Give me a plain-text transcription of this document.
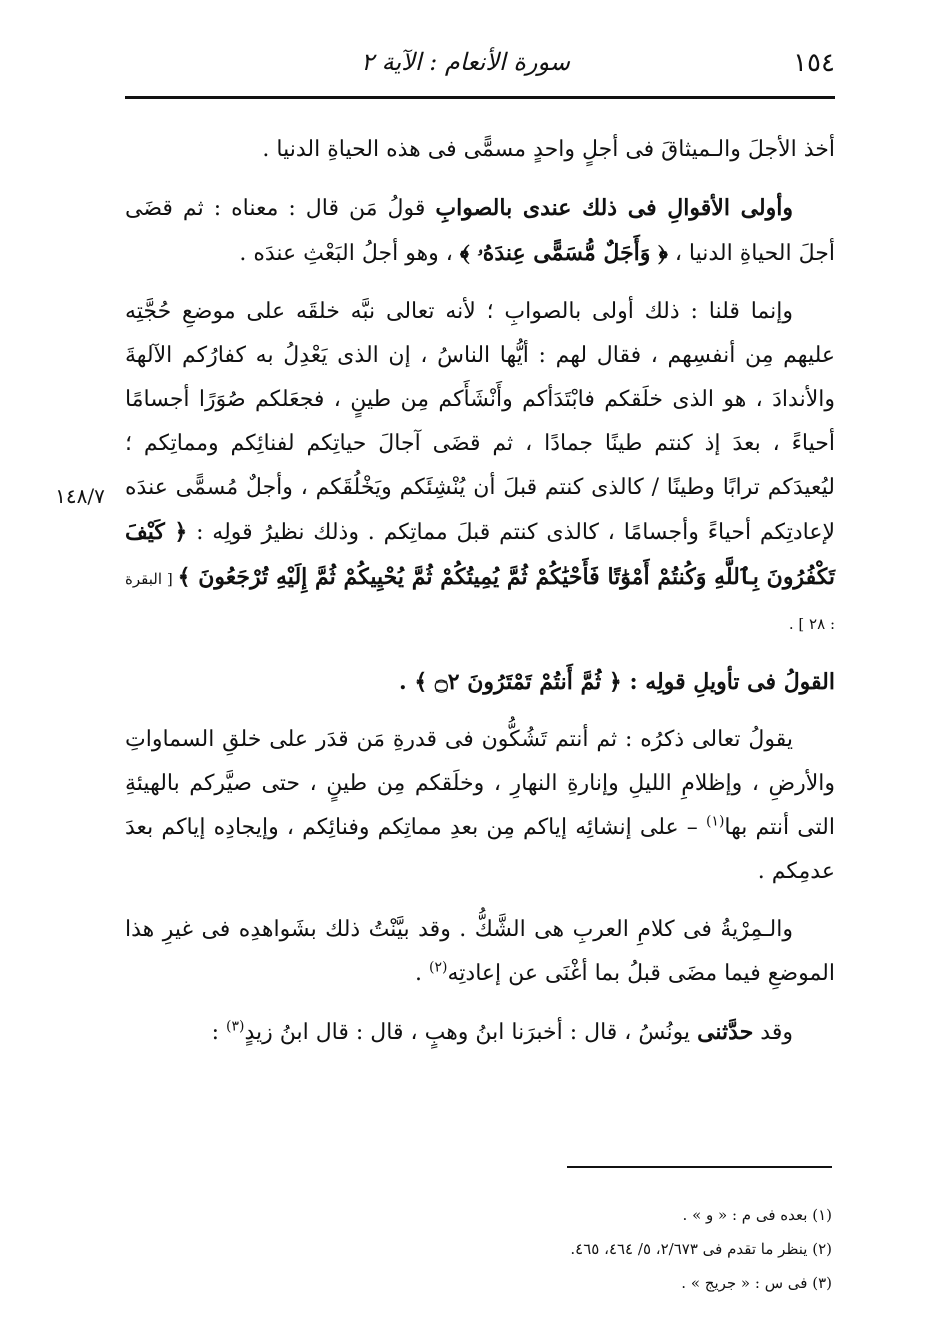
١٥٤
سورة الأنعام : الآية ٢
١٤٨/٧

أخذ الأجلَ والـميثاقَ فى أجلٍ واحدٍ مسمًّى فى هذه الحياةِ الدنيا .

وأولى الأقوالِ فى ذلك عندى بالصوابِ قولُ مَن قال : معناه : ثم قضَى أجلَ الحياةِ الدنيا ، ﴿ وَأَجَلٌ مُّسَمًّى عِندَهُۥ ﴾ ، وهو أجلُ البَعْثِ عندَه .

وإنما قلنا : ذلك أولى بالصوابِ ؛ لأنه تعالى نبَّه خلقَه على موضعِ حُجَّتِه عليهم مِن أنفسِهم ، فقال لهم : أيُّها الناسُ ، إن الذى يَعْدِلُ به كفارُكم الآلهةَ والأندادَ ، هو الذى خلَقكم فابْتَدَأكم وأَنْشَأَكم مِن طينٍ ، فجعَلكم صُوَرًا أجسامًا أحياءً ، بعدَ إذ كنتم طينًا جمادًا ، ثم قضَى آجالَ حياتِكم لفنائِكم ومماتِكم ؛ ليُعيدَكم ترابًا وطينًا / كالذى كنتم قبلَ أن يُنْشِئَكم ويَخْلُقَكم ، وأجلٌ مُسمًّى عندَه لإعادتِكم أحياءً وأجسامًا ، كالذى كنتم قبلَ مماتِكم . وذلك نظيرُ قولِه : ﴿ كَيْفَ تَكْفُرُونَ بِٱللَّهِ وَكُنتُمْ أَمْوَٰتًا فَأَحْيَٰكُمْ ثُمَّ يُمِيتُكُمْ ثُمَّ يُحْيِيكُمْ ثُمَّ إِلَيْهِ تُرْجَعُونَ ﴾ [ البقرة : ٢٨ ] .

القولُ فى تأويلِ قولِه : ﴿ ثُمَّ أَنتُمْ تَمْتَرُونَ ۝٢ ﴾ .

يقولُ تعالى ذكرُه : ثم أنتم تَشُكُّون فى قدرةِ مَن قدَر على خلقِ السماواتِ والأرضِ ، وإظلامِ الليلِ وإنارةِ النهارِ ، وخلَقكم مِن طينٍ ، حتى صيَّركم بالهيئةِ التى أنتم بها$^{(١)}$ – على إنشائِه إياكم مِن بعدِ مماتِكم وفنائِكم ، وإيجادِه إياكم بعدَ عدمِكم .

والـمِرْيةُ فى كلامِ العربِ هى الشَّكُّ . وقد بيَّنْتُ ذلك بشَواهدِه فى غيرِ هذا الموضعِ فيما مضَى قبلُ بما أغْنَى عن إعادتِه$^{(٢)}$ .

وقد حدَّثنى يونُسُ ، قال : أخبرَنا ابنُ وهبٍ ، قال : قال ابنُ زيدٍ$^{(٣)}$ :

(١) بعده فى م : « و » .

(٢) ينظر ما تقدم فى ٢/٦٧٣، ٥/ ٤٦٤، ٤٦٥.

(٣) فى س : « جريج » .
